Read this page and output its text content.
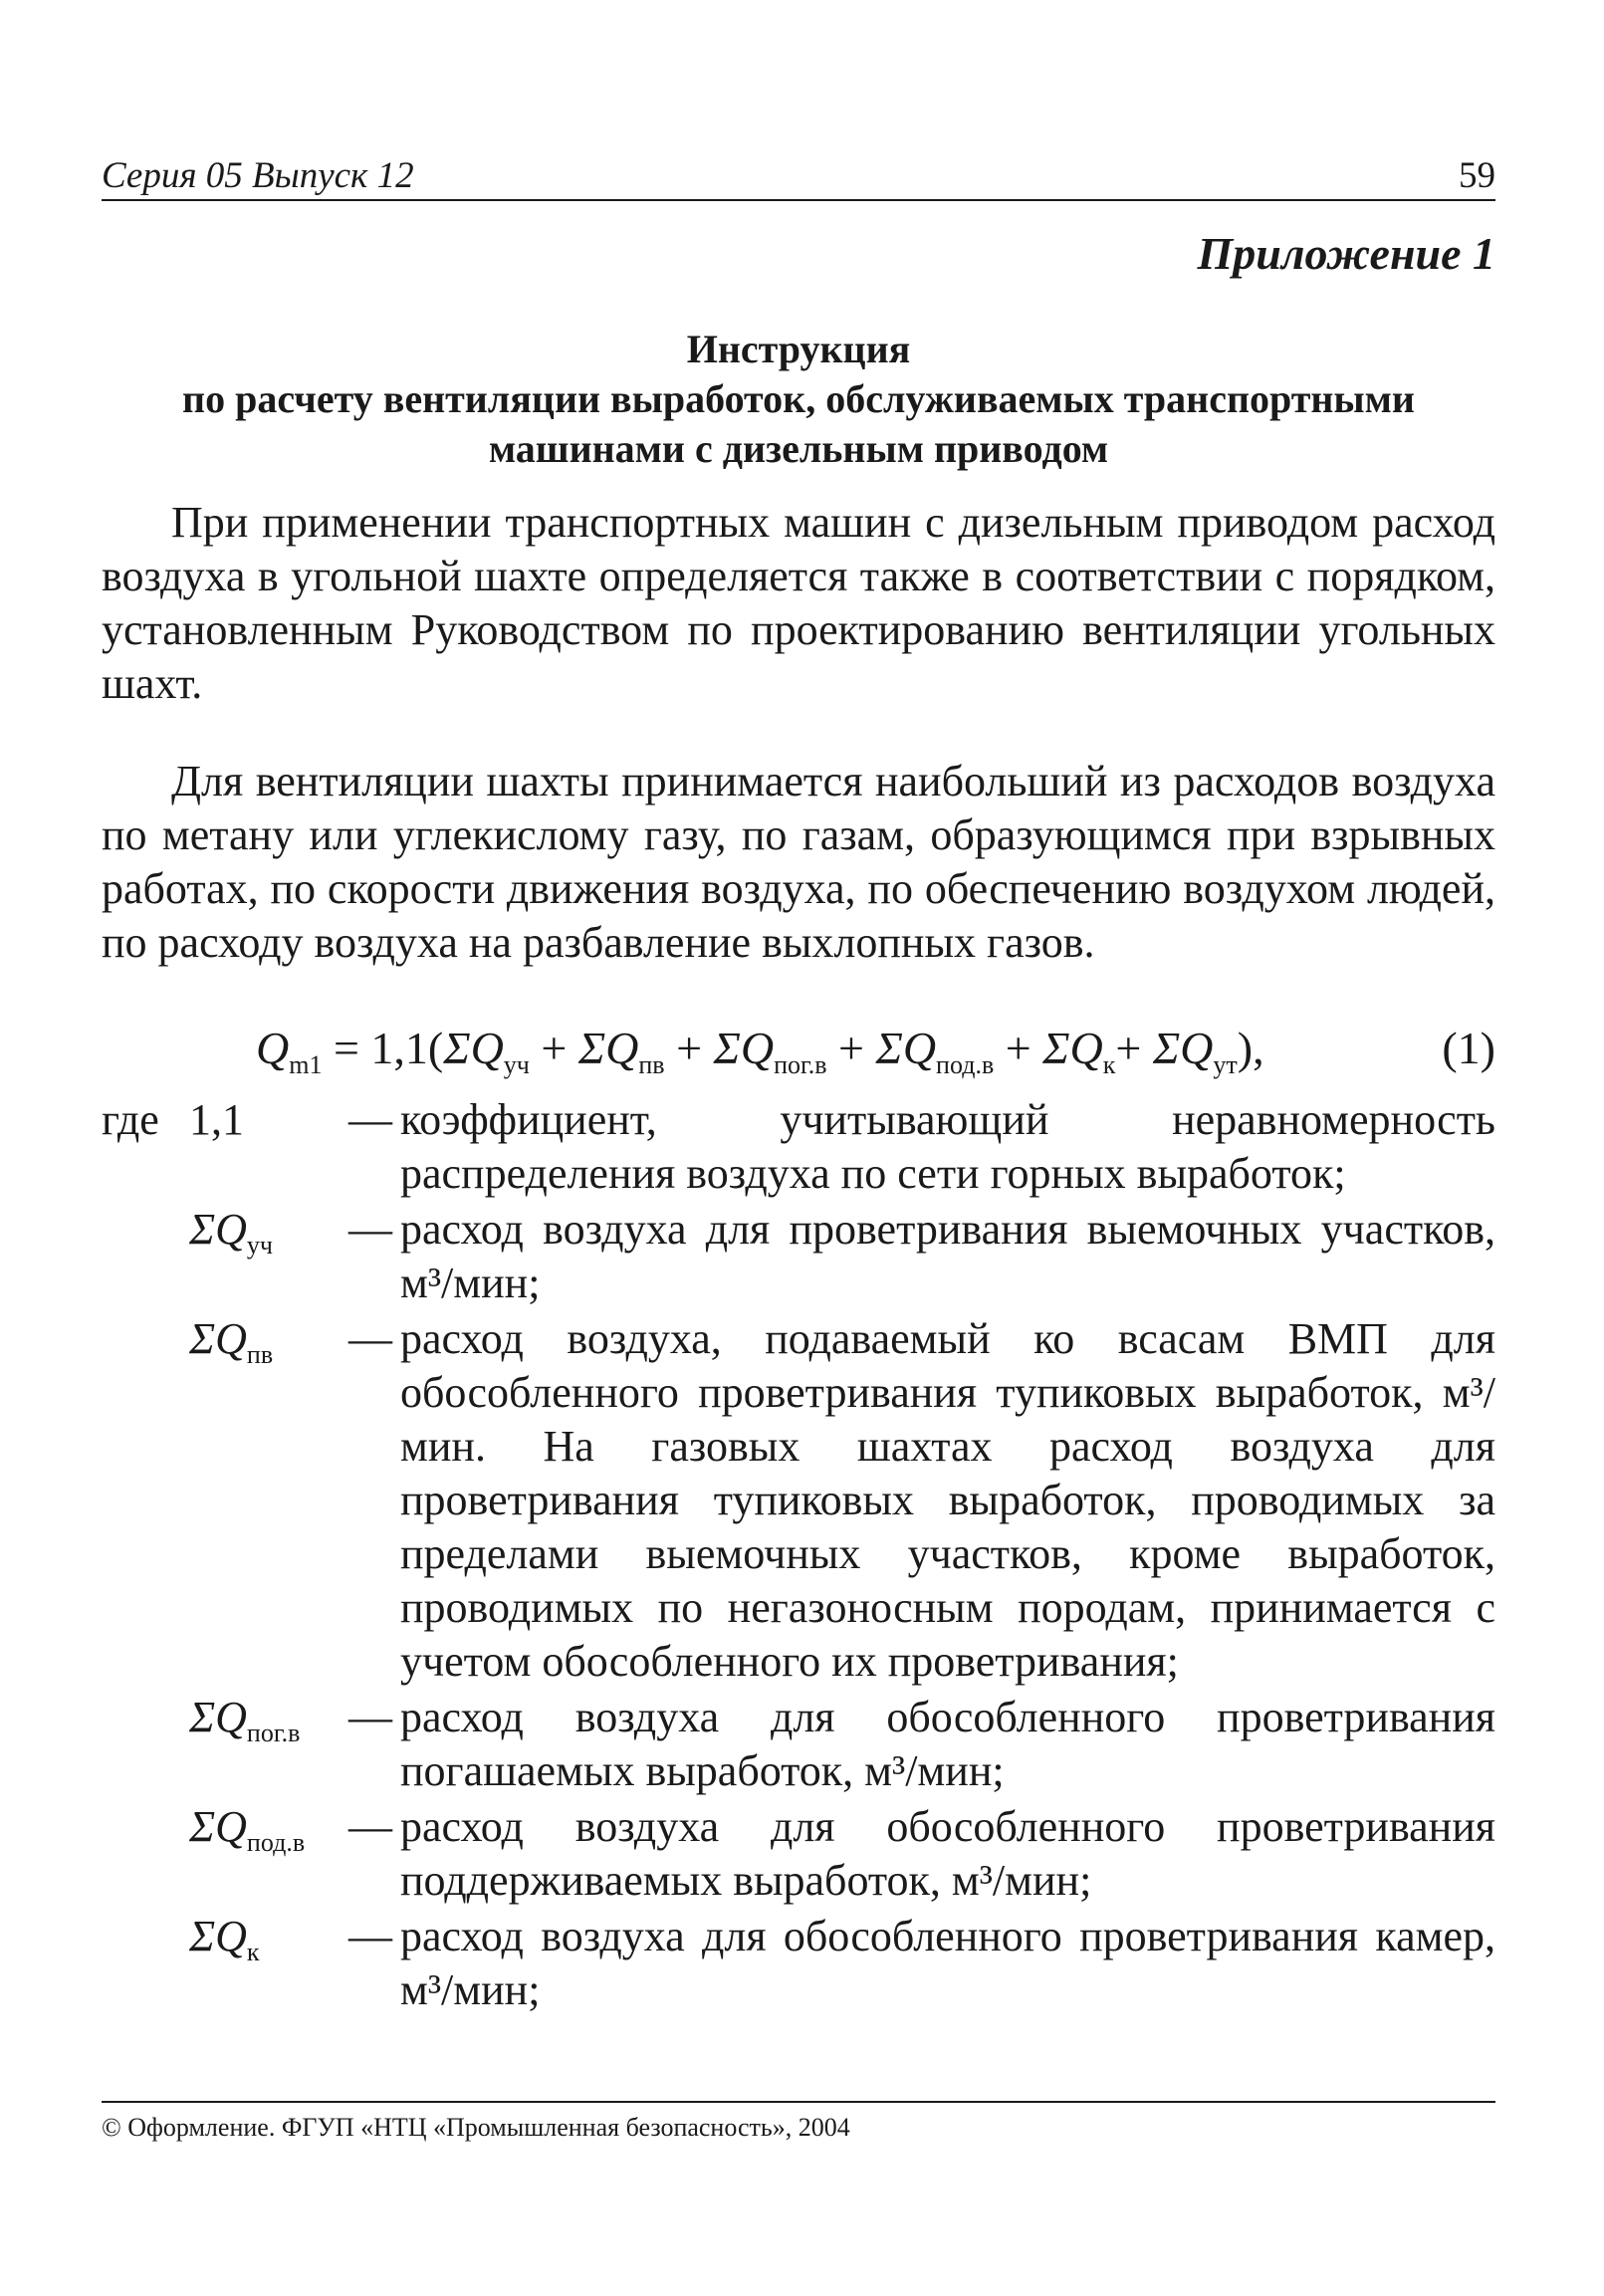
Серия 05 Выпуск 12	59
Приложение 1
Инструкция
по расчету вентиляции выработок, обслуживаемых транспортными
машинами с дизельным приводом

При применении транспортных машин с дизельным приводом расход воздуха в угольной шахте определяется также в соответствии с порядком, установленным Руководством по проектированию вентиляции угольных шахт.

Для вентиляции шахты принимается наибольший из расходов воздуха по метану или углекислому газу, по газам, образующимся при взрывных работах, по скорости движения воздуха, по обеспечению воздухом людей, по расходу воздуха на разбавление выхлопных газов.

$Q_{m1} = 1,1(\Sigma Q_{уч} + \Sigma Q_{пв} + \Sigma Q_{пог.в} + \Sigma Q_{под.в} + \Sigma Q_к+ \Sigma Q_{ут})$,	(1)
где 1,1	— коэффициент, учитывающий неравномерность распределения воздуха по сети горных выработок;
$\Sigma Q_{уч}$	— расход воздуха для проветривания выемочных участков, м³/мин;
$\Sigma Q_{пв}$	— расход воздуха, подаваемый ко всасам ВМП для обособленного проветривания тупиковых выработок, м³/мин. На газовых шахтах расход воздуха для проветривания тупиковых выработок, проводимых за пределами выемочных участков, кроме выработок, проводимых по негазоносным породам, принимается с учетом обособленного их проветривания;
$\Sigma Q_{пог.в}$	— расход воздуха для обособленного проветривания погашаемых выработок, м³/мин;
$\Sigma Q_{под.в}$ — расход воздуха для обособленного проветривания поддерживаемых выработок, м³/мин;
$\Sigma Q_к$	— расход воздуха для обособленного проветривания камер, м³/мин;
© Оформление. ФГУП «НТЦ «Промышленная безопасность», 2004
